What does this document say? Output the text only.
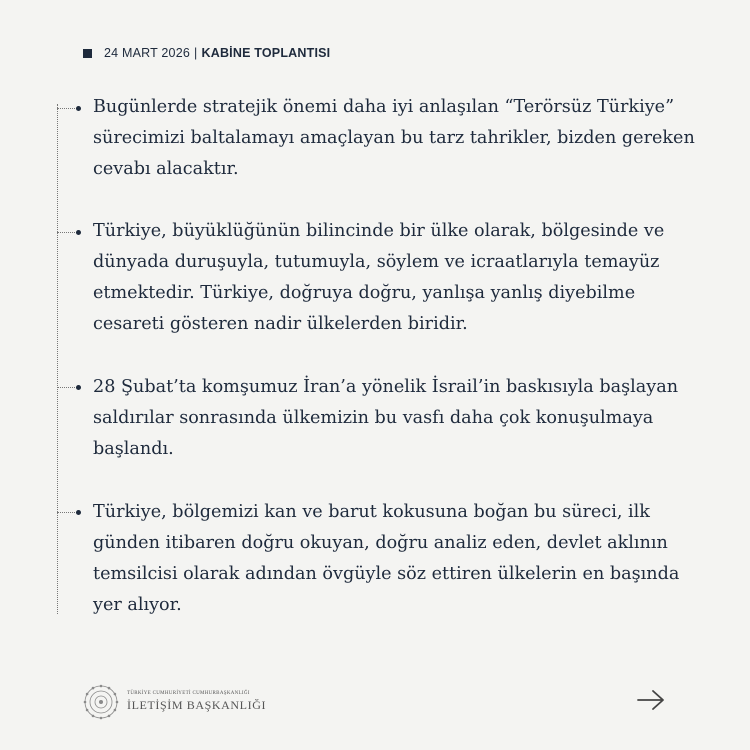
24 MART 2026 | KABİNE TOPLANTISI
Bugünlerde stratejik önemi daha iyi anlaşılan “Terörsüz Türkiye” sürecimizi baltalamayı amaçlayan bu tarz tahrikler, bizden gereken cevabı alacaktır.
Türkiye, büyüklüğünün bilincinde bir ülke olarak, bölgesinde ve dünyada duruşuyla, tutumuyla, söylem ve icraatlarıyla temayüz etmektedir. Türkiye, doğruya doğru, yanlışa yanlış diyebilme cesareti gösteren nadir ülkelerden biridir.
28 Şubat’ta komşumuz İran’a yönelik İsrail’in baskısıyla başlayan saldırılar sonrasında ülkemizin bu vasfı daha çok konuşulmaya başlandı.
Türkiye, bölgemizi kan ve barut kokusuna boğan bu süreci, ilk günden itibaren doğru okuyan, doğru analiz eden, devlet aklının temsilcisi olarak adından övgüyle söz ettiren ülkelerin en başında yer alıyor.
TÜRKİYE CUMHURİYETİ CUMHURBAŞKANLIĞI
İLETİŞİM BAŞKANLIĞI
